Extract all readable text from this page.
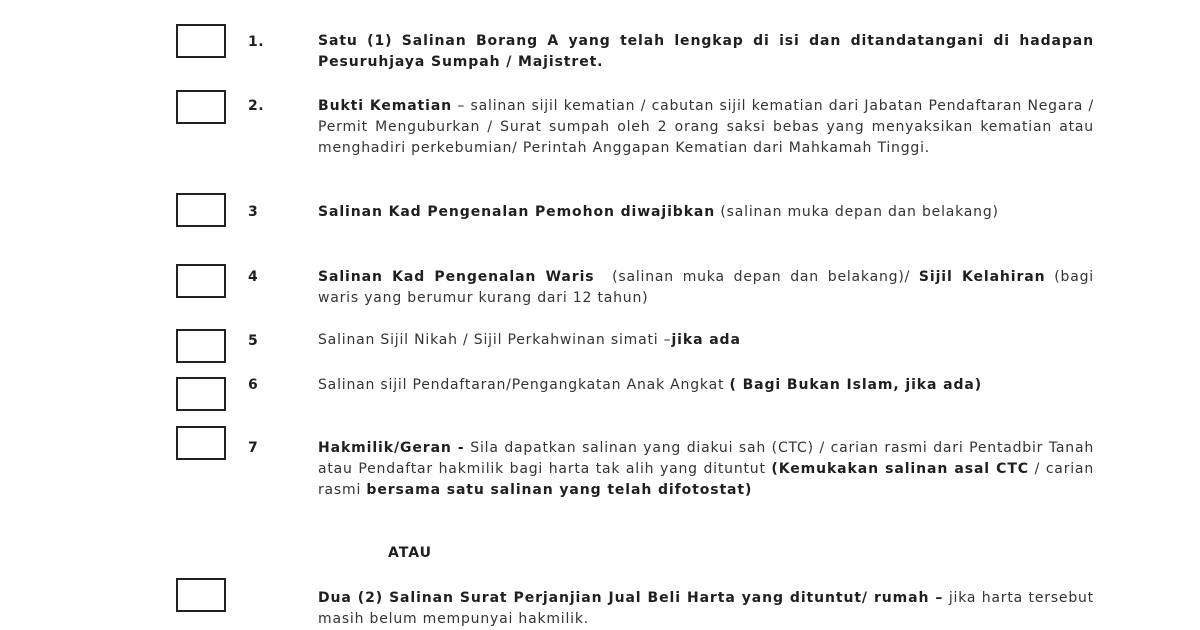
1.
2.
3
4
5
6
7
Satu (1) Salinan Borang A yang telah lengkap di isi dan ditandatangani di hadapan Pesuruhjaya Sumpah / Majistret.
Bukti Kematian – salinan sijil kematian / cabutan sijil kematian dari Jabatan Pendaftaran Negara / Permit Menguburkan / Surat sumpah oleh 2 orang saksi bebas yang menyaksikan kematian atau menghadiri perkebumian/ Perintah Anggapan Kematian dari Mahkamah Tinggi.
Salinan Kad Pengenalan Pemohon diwajibkan (salinan muka depan dan belakang)
Salinan Kad Pengenalan Waris  (salinan muka depan dan belakang)/ Sijil Kelahiran (bagi waris yang berumur kurang dari 12 tahun)
Salinan Sijil Nikah / Sijil Perkahwinan simati –jika ada
Salinan sijil Pendaftaran/Pengangkatan Anak Angkat ( Bagi Bukan Islam, jika ada)
Hakmilik/Geran - Sila dapatkan salinan yang diakui sah (CTC) / carian rasmi dari Pentadbir Tanah atau Pendaftar hakmilik bagi harta tak alih yang dituntut (Kemukakan salinan asal CTC / carian rasmi bersama satu salinan yang telah difotostat)
ATAU
Dua (2) Salinan Surat Perjanjian Jual Beli Harta yang dituntut/ rumah – jika harta tersebut masih belum mempunyai hakmilik.
